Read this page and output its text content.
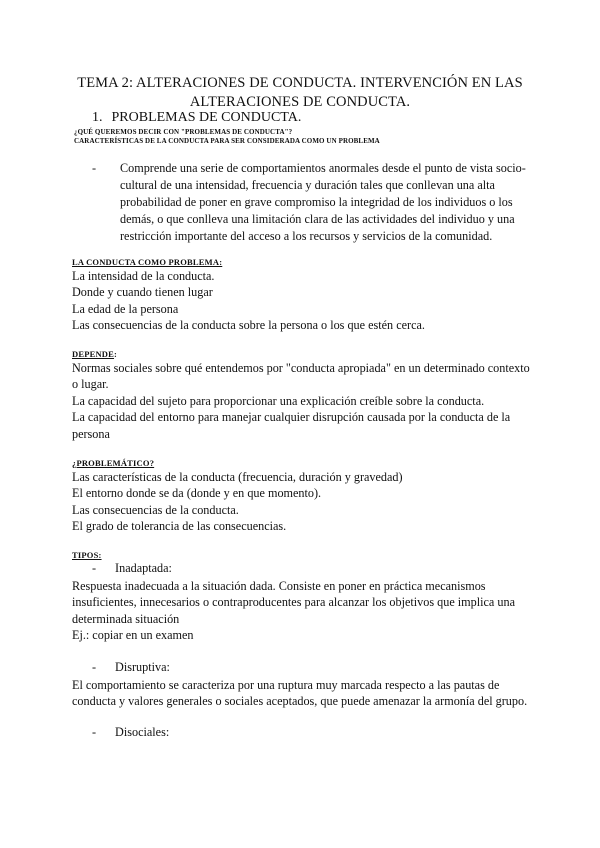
TEMA 2: ALTERACIONES DE CONDUCTA. INTERVENCIÓN EN LAS
ALTERACIONES DE CONDUCTA.
1. PROBLEMAS DE CONDUCTA.
¿QUÉ QUEREMOS DECIR CON "PROBLEMAS DE CONDUCTA"?
CARACTERÍSTICAS DE LA CONDUCTA PARA SER CONSIDERADA COMO UN PROBLEMA
- Comprende una serie de comportamientos anormales desde el punto de vista socio-
cultural de una intensidad, frecuencia y duración tales que conllevan una alta
probabilidad de poner en grave compromiso la integridad de los individuos o los
demás, o que conlleva una limitación clara de las actividades del individuo y una
restricción importante del acceso a los recursos y servicios de la comunidad.
LA CONDUCTA COMO PROBLEMA:
La intensidad de la conducta.
Donde y cuando tienen lugar
La edad de la persona
Las consecuencias de la conducta sobre la persona o los que estén cerca.
DEPENDE:
Normas sociales sobre qué entendemos por "conducta apropiada" en un determinado contexto
o lugar.
La capacidad del sujeto para proporcionar una explicación creíble sobre la conducta.
La capacidad del entorno para manejar cualquier disrupción causada por la conducta de la
persona
¿PROBLEMÁTICO?
Las características de la conducta (frecuencia, duración y gravedad)
El entorno donde se da (donde y en que momento).
Las consecuencias de la conducta.
El grado de tolerancia de las consecuencias.
TIPOS:
- Inadaptada:
Respuesta inadecuada a la situación dada. Consiste en poner en práctica mecanismos
insuficientes, innecesarios o contraproducentes para alcanzar los objetivos que implica una
determinada situación
Ej.: copiar en un examen
- Disruptiva:
El comportamiento se caracteriza por una ruptura muy marcada respecto a las pautas de
conducta y valores generales o sociales aceptados, que puede amenazar la armonía del grupo.
- Disociales:
